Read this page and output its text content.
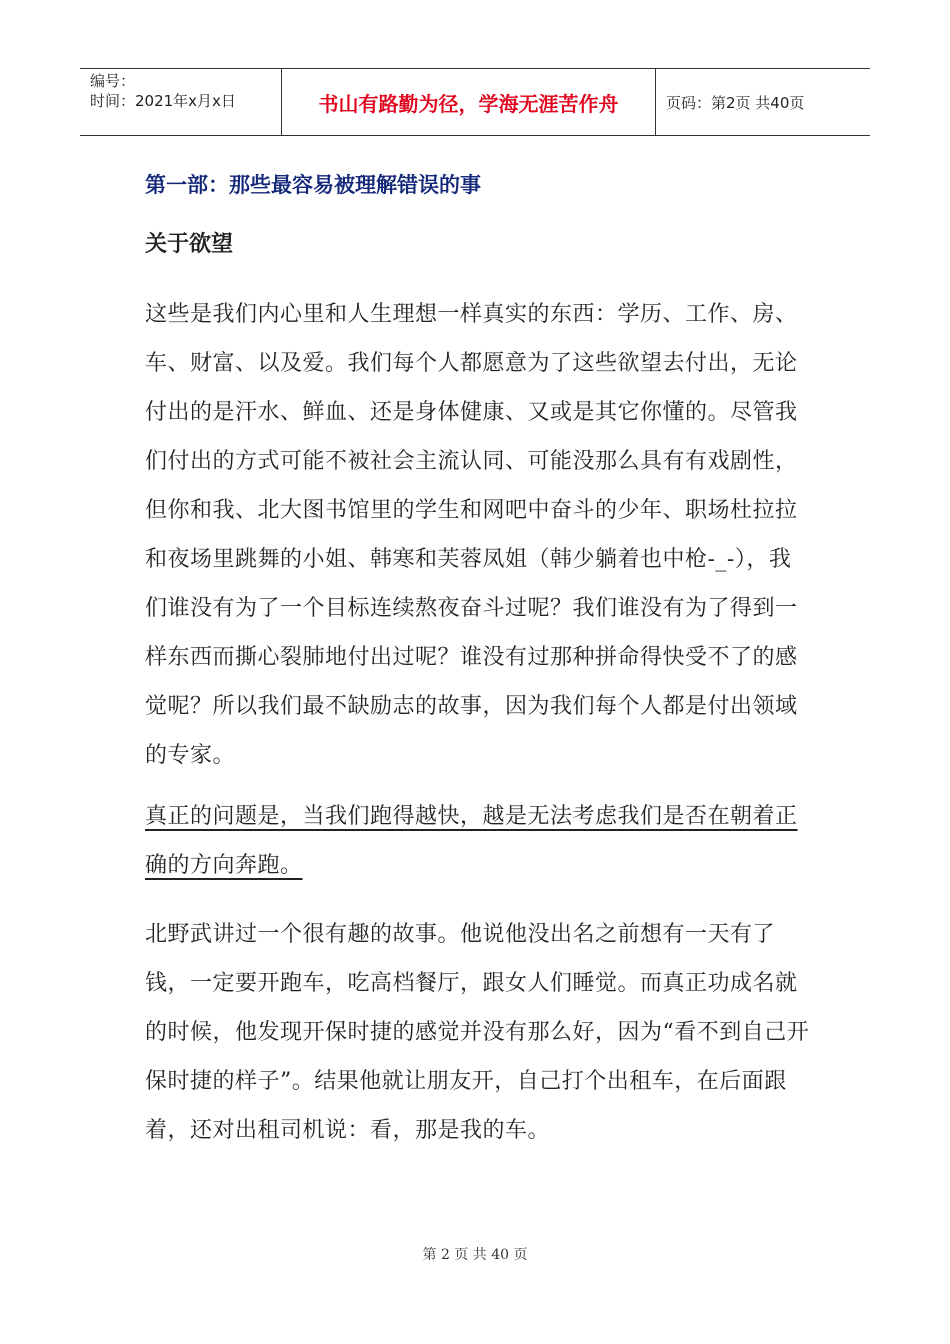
编号：
时间：2021年x月x日	书山有路勤为径，学海无涯苦作舟	页码：第2页 共40页
第一部：那些最容易被理解错误的事
关于欲望

这些是我们内心里和人生理想一样真实的东西：学历、工作、房、车、财富、以及爱。我们每个人都愿意为了这些欲望去付出，无论付出的是汗水、鲜血、还是身体健康、又或是其它你懂的。尽管我们付出的方式可能不被社会主流认同、可能没那么具有有戏剧性，但你和我、北大图书馆里的学生和网吧中奋斗的少年、职场杜拉拉和夜场里跳舞的小姐、韩寒和芙蓉凤姐（韩少躺着也中枪-_-），我们谁没有为了一个目标连续熬夜奋斗过呢？我们谁没有为了得到一样东西而撕心裂肺地付出过呢？谁没有过那种拼命得快受不了的感觉呢？所以我们最不缺励志的故事，因为我们每个人都是付出领域的专家。

真正的问题是，当我们跑得越快，越是无法考虑我们是否在朝着正确的方向奔跑。

北野武讲过一个很有趣的故事。他说他没出名之前想有一天有了钱，一定要开跑车，吃高档餐厅，跟女人们睡觉。而真正功成名就的时候，他发现开保时捷的感觉并没有那么好，因为“看不到自己开保时捷的样子”。结果他就让朋友开，自己打个出租车，在后面跟着，还对出租司机说：看，那是我的车。

第 2 页 共 40 页
